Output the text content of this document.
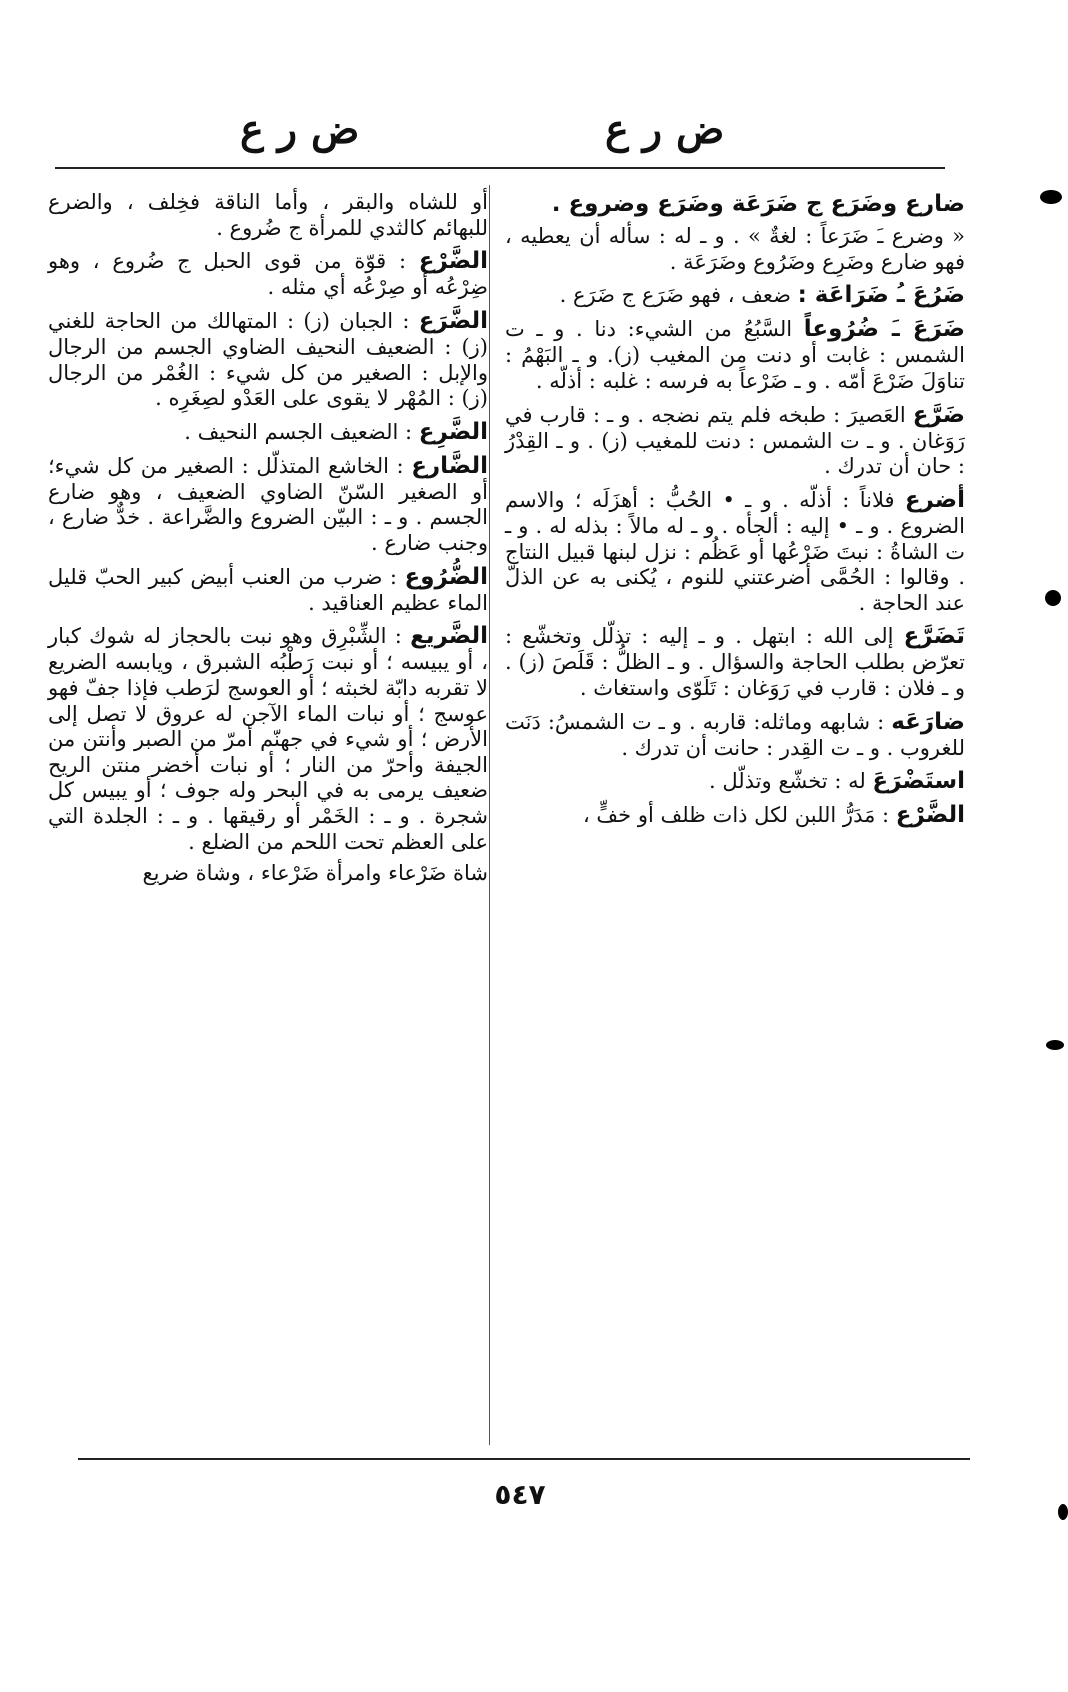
ض ر ع
ض ر ع
ضارع وضَرَع ج ضَرَعَة وضَرَع وضروع .
« وضرع ـَ ضَرَعاً : لغةٌ » . و ـ له : سأله أن يعطيه ، فهو ضارع وضَرِع وضَرُوع وضَرَعَة .
ضَرُعَ ـُ ضَرَاعَة : ضعف ، فهو ضَرَع ج ضَرَع .
ضَرَعَ ـَ ضُرُوعاً السَّبُعُ من الشيء: دنا . و ـ ت الشمس : غابت أو دنت من المغيب (ز). و ـ البَهْمُ : تناوَلَ ضَرْعَ أمّه . و ـ ضَرْعاً به فرسه : غلبه : أذلّه .
ضَرَّع العَصيرَ : طبخه فلم يتم نضجه . و ـ : قارب في رَوَغان . و ـ ت الشمس : دنت للمغيب (ز) . و ـ القِدْرُ : حان أن تدرك .
أضرع فلاناً : أذلّه . و ـ • الحُبُّ : أهزَلَه ؛ والاسم الضروع . و ـ • إليه : ألجأه . و ـ له مالاً : بذله له . و ـ ت الشاةُ : نبتَ ضَرْعُها أو عَظُم : نزل لبنها قبيل النتاج . وقالوا : الحُمَّى أضرعتني للنوم ، يُكنى به عن الذلّ عند الحاجة .
تَضَرَّع إلى الله : ابتهل . و ـ إليه : تذلّل وتخشّع : تعرّض بطلب الحاجة والسؤال . و ـ الظلُّ : قَلَصَ (ز) . و ـ فلان : قارب في رَوَغان : تَلَوّى واستغاث .
ضارَعَه : شابهه وماثله: قاربه . و ـ ت الشمسُ: دَنَت للغروب . و ـ ت القِدر : حانت أن تدرك .
استَضْرَعَ له : تخشّع وتذلّل .
الضَّرْع : مَدَرُّ اللبن لكل ذات ظلف أو خفٍّ ،
أو للشاه والبقر ، وأما الناقة فخِلف ، والضرع للبهائم كالثدي للمرأة ج ضُروع .
الضَّرْع : قوّة من قوى الحبل ج ضُروع ، وهو ضِرْعُه أو صِرْعُه أي مثله .
الضَّرَع : الجبان (ز) : المتهالك من الحاجة للغني (ز) : الضعيف النحيف الضاوي الجسم من الرجال والإبل : الصغير من كل شيء : الغُمْر من الرجال (ز) : المُهْر لا يقوى على العَدْو لصِغَرِه .
الضَّرِع : الضعيف الجسم النحيف .
الضَّارع : الخاشع المتذلّل : الصغير من كل شيء؛ أو الصغير السّنّ الضاوي الضعيف ، وهو ضارع الجسم . و ـ : البيّن الضروع والضَّراعة . خدٌّ ضارع ، وجنب ضارع .
الضُّرُوع : ضرب من العنب أبيض كبير الحبّ قليل الماء عظيم العناقيد .
الضَّريع : الشِّبْرِق وهو نبت بالحجاز له شوك كبار ، أو يبيسه ؛ أو نبت رَطْبُه الشبرق ، ويابسه الضريع لا تقربه دابّة لخبثه ؛ أو العوسج لرَطب فإذا جفّ فهو عوسج ؛ أو نبات الماء الآجن له عروق لا تصل إلى الأرض ؛ أو شيء في جهنّم أمرّ من الصبر وأنتن من الجيفة وأحرّ من النار ؛ أو نبات أخضر منتن الريح ضعيف يرمى به في البحر وله جوف ؛ أو يبيس كل شجرة . و ـ : الخَمْر أو رقيقها . و ـ : الجلدة التي على العظم تحت اللحم من الضلع .
شاة ضَرْعاء وامرأة ضَرْعاء ، وشاة ضريع
٥٤٧
